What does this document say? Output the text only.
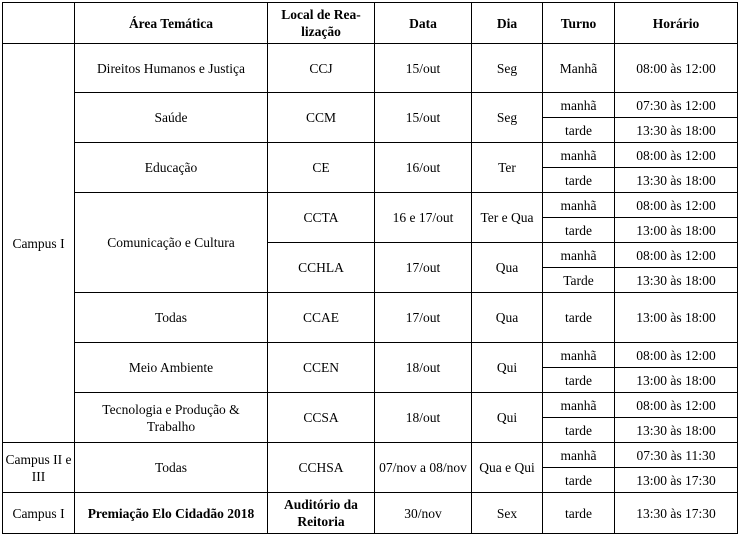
	Área Temática	Local de Rea-lização	Data	Dia	Turno	Horário
Campus I	Direitos Humanos e Justiça	CCJ	15/out	Seg	Manhã	08:00 às 12:00
	Saúde	CCM	15/out	Seg	manhã	07:30 às 12:00
					tarde	13:30 às 18:00
	Educação	CE	16/out	Ter	manhã	08:00 às 12:00
					tarde	13:30 às 18:00
	Comunicação e Cultura	CCTA	16 e 17/out	Ter e Qua	manhã	08:00 às 12:00
					tarde	13:00 às 18:00
		CCHLA	17/out	Qua	manhã	08:00 às 12:00
					Tarde	13:30 às 18:00
	Todas	CCAE	17/out	Qua	tarde	13:00 às 18:00
	Meio Ambiente	CCEN	18/out	Qui	manhã	08:00 às 12:00
					tarde	13:00 às 18:00
	Tecnologia e Produção & Trabalho	CCSA	18/out	Qui	manhã	08:00 às 12:00
					tarde	13:30 às 18:00
Campus II e III	Todas	CCHSA	07/nov a 08/nov	Qua e Qui	manhã	07:30 às 11:30
					tarde	13:00 às 17:30
Campus I	Premiação Elo Cidadão 2018	Auditório da Reitoria	30/nov	Sex	tarde	13:30 às 17:30
